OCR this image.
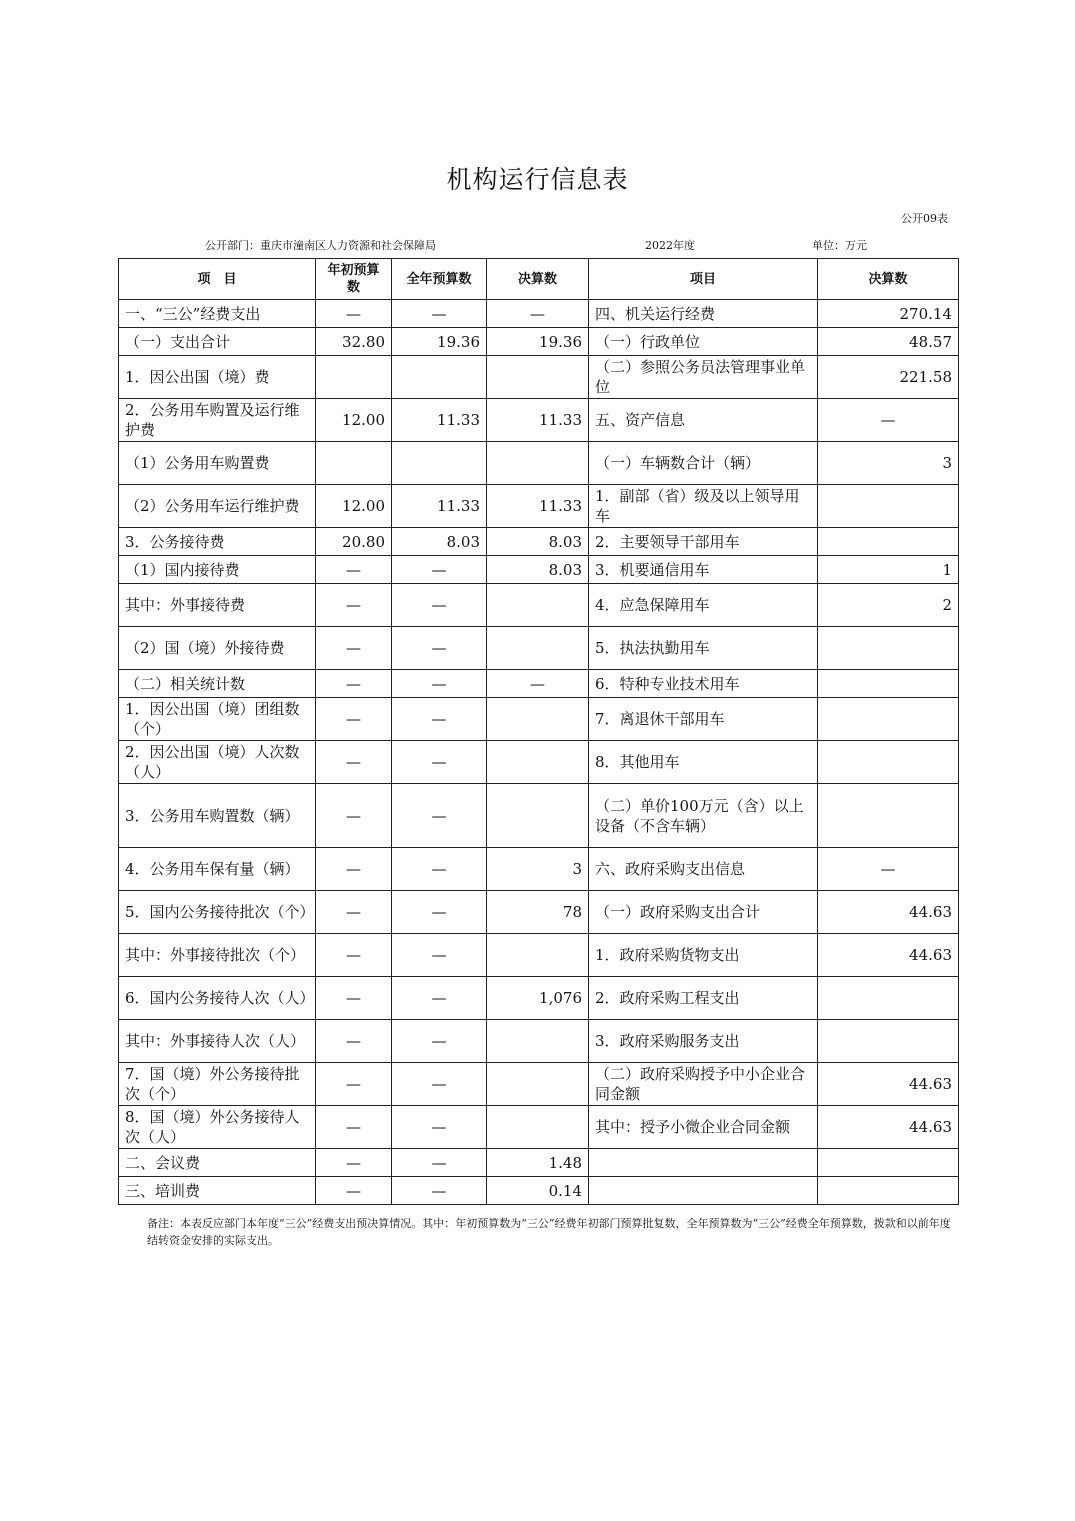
机构运行信息表
公开09表
公开部门：重庆市潼南区人力资源和社会保障局	2022年度	单位：万元
项　目	年初预算数	全年预算数	决算数	项目	决算数
一、“三公”经费支出	—	—	—	四、机关运行经费	270.14
（一）支出合计	32.80	19.36	19.36	（一）行政单位	48.57
1．因公出国（境）费				（二）参照公务员法管理事业单位	221.58
2．公务用车购置及运行维护费	12.00	11.33	11.33	五、资产信息	—
（1）公务用车购置费				（一）车辆数合计（辆）	3
（2）公务用车运行维护费	12.00	11.33	11.33	1．副部（省）级及以上领导用车	
3．公务接待费	20.80	8.03	8.03	2．主要领导干部用车	
（1）国内接待费	—	—	8.03	3．机要通信用车	1
其中：外事接待费	—	—		4．应急保障用车	2
（2）国（境）外接待费	—	—		5．执法执勤用车	
（二）相关统计数	—	—	—	6．特种专业技术用车	
1．因公出国（境）团组数（个）	—	—		7．离退休干部用车	
2．因公出国（境）人次数（人）	—	—		8．其他用车	
3．公务用车购置数（辆）	—	—		（二）单价100万元（含）以上设备（不含车辆）	
4．公务用车保有量（辆）	—	—	3	六、政府采购支出信息	—
5．国内公务接待批次（个）	—	—	78	（一）政府采购支出合计	44.63
其中：外事接待批次（个）	—	—		1．政府采购货物支出	44.63
6．国内公务接待人次（人）	—	—	1,076	2．政府采购工程支出	
其中：外事接待人次（人）	—	—		3．政府采购服务支出	
7．国（境）外公务接待批次（个）	—	—		（二）政府采购授予中小企业合同金额	44.63
8．国（境）外公务接待人次（人）	—	—		其中：授予小微企业合同金额	44.63
二、会议费	—	—	1.48		
三、培训费	—	—	0.14		
备注：本表反应部门本年度“三公”经费支出预决算情况。其中：年初预算数为“三公”经费年初部门预算批复数，全年预算数为“三公”经费全年预算数，拨款和以前年度结转资金安排的实际支出。
